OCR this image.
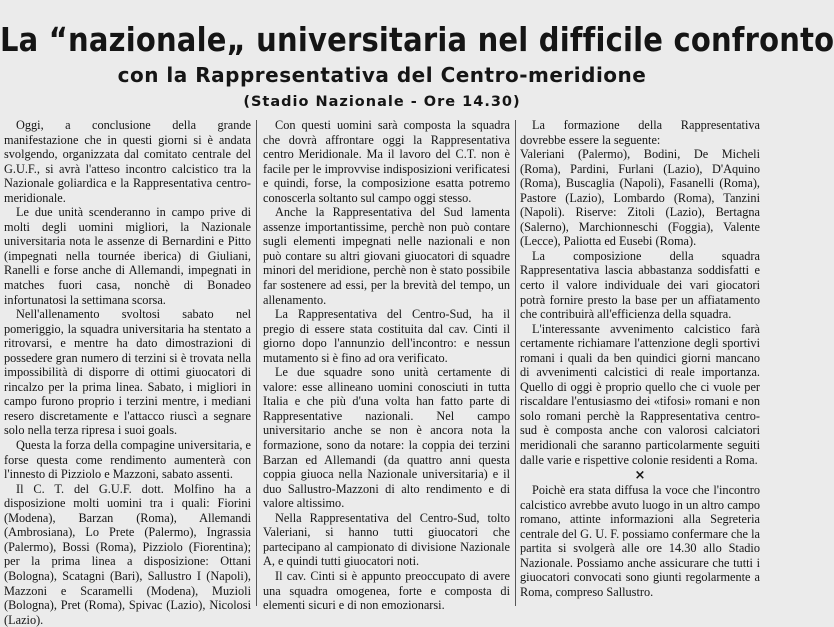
La “nazionale„ universitaria nel difficile confronto
con la Rappresentativa del Centro-meridione
(Stadio Nazionale - Ore 14.30)

Oggi, a conclusione della grande manifestazione che in questi giorni si è andata svolgendo, organizzata dal comitato centrale del G.U.F., si avrà l'atteso incontro calcistico tra la Nazionale goliardica e la Rappresentativa centro-meridionale.

Le due unità scenderanno in campo prive di molti degli uomini migliori, la Nazionale universitaria nota le assenze di Bernardini e Pitto (impegnati nella tournée iberica) di Giuliani, Ranelli e forse anche di Allemandi, impegnati in matches fuori casa, nonchè di Bonadeo infortunatosi la settimana scorsa.

Nell'allenamento svoltosi sabato nel pomeriggio, la squadra universitaria ha stentato a ritrovarsi, e mentre ha dato dimostrazioni di possedere gran numero di terzini si è trovata nella impossibilità di disporre di ottimi giuocatori di rincalzo per la prima linea. Sabato, i migliori in campo furono proprio i terzini mentre, i mediani resero discretamente e l'attacco riuscì a segnare solo nella terza ripresa i suoi goals.

Questa la forza della compagine universitaria, e forse questa come rendimento aumenterà con l'innesto di Pizziolo e Mazzoni, sabato assenti.

Il C. T. del G.U.F. dott. Molfino ha a disposizione molti uomini tra i quali: Fiorini (Modena), Barzan (Roma), Allemandi (Ambrosiana), Lo Prete (Palermo), Ingrassia (Palermo), Bossi (Roma), Pizziolo (Fiorentina); per la prima linea a disposizione: Ottani (Bologna), Scatagni (Bari), Sallustro I (Napoli), Mazzoni e Scaramelli (Modena), Muzioli (Bologna), Pret (Roma), Spivac (Lazio), Nicolosi (Lazio).

Con questi uomini sarà composta la squadra che dovrà affrontare oggi la Rappresentativa centro Meridionale. Ma il lavoro del C.T. non è facile per le improvvise indisposizioni verificatesi e quindi, forse, la composizione esatta potremo conoscerla soltanto sul campo oggi stesso.

Anche la Rappresentativa del Sud lamenta assenze importantissime, perchè non può contare sugli elementi impegnati nelle nazionali e non può contare su altri giovani giuocatori di squadre minori del meridione, perchè non è stato possibile far sostenere ad essi, per la brevità del tempo, un allenamento.

La Rappresentativa del Centro-Sud, ha il pregio di essere stata costituita dal cav. Cinti il giorno dopo l'annunzio dell'incontro: e nessun mutamento si è fino ad ora verificato.

Le due squadre sono unità certamente di valore: esse allineano uomini conosciuti in tutta Italia e che più d'una volta han fatto parte di Rappresentative nazionali. Nel campo universitario anche se non è ancora nota la formazione, sono da notare: la coppia dei terzini Barzan ed Allemandi (da quattro anni questa coppia giuoca nella Nazionale universitaria) e il duo Sallustro-Mazzoni di alto rendimento e di valore altissimo.

Nella Rappresentativa del Centro-Sud, tolto Valeriani, si hanno tutti giuocatori che partecipano al campionato di divisione Nazionale A, e quindi tutti giuocatori noti.

Il cav. Cinti si è appunto preoccupato di avere una squadra omogenea, forte e composta di elementi sicuri e di non emozionarsi.

La formazione della Rappresentativa dovrebbe essere la seguente:

Valeriani (Palermo), Bodini, De Micheli (Roma), Pardini, Furlani (Lazio), D'Aquino (Roma), Buscaglia (Napoli), Fasanelli (Roma), Pastore (Lazio), Lombardo (Roma), Tanzini (Napoli). Riserve: Zitoli (Lazio), Bertagna (Salerno), Marchionneschi (Foggia), Valente (Lecce), Paliotta ed Eusebi (Roma).

La composizione della squadra Rappresentativa lascia abbastanza soddisfatti e certo il valore individuale dei vari giocatori potrà fornire presto la base per un affiatamento che contribuirà all'efficienza della squadra.

L'interessante avvenimento calcistico farà certamente richiamare l'attenzione degli sportivi romani i quali da ben quindici giorni mancano di avvenimenti calcistici di reale importanza. Quello di oggi è proprio quello che ci vuole per riscaldare l'entusiasmo dei «tifosi» romani e non solo romani perchè la Rappresentativa centro-sud è composta anche con valorosi calciatori meridionali che saranno particolarmente seguiti dalle varie e rispettive colonie residenti a Roma.

×

Poichè era stata diffusa la voce che l'incontro calcistico avrebbe avuto luogo in un altro campo romano, attinte informazioni alla Segreteria centrale del G. U. F. possiamo confermare che la partita si svolgerà alle ore 14.30 allo Stadio Nazionale. Possiamo anche assicurare che tutti i giuocatori convocati sono giunti regolarmente a Roma, compreso Sallustro.
